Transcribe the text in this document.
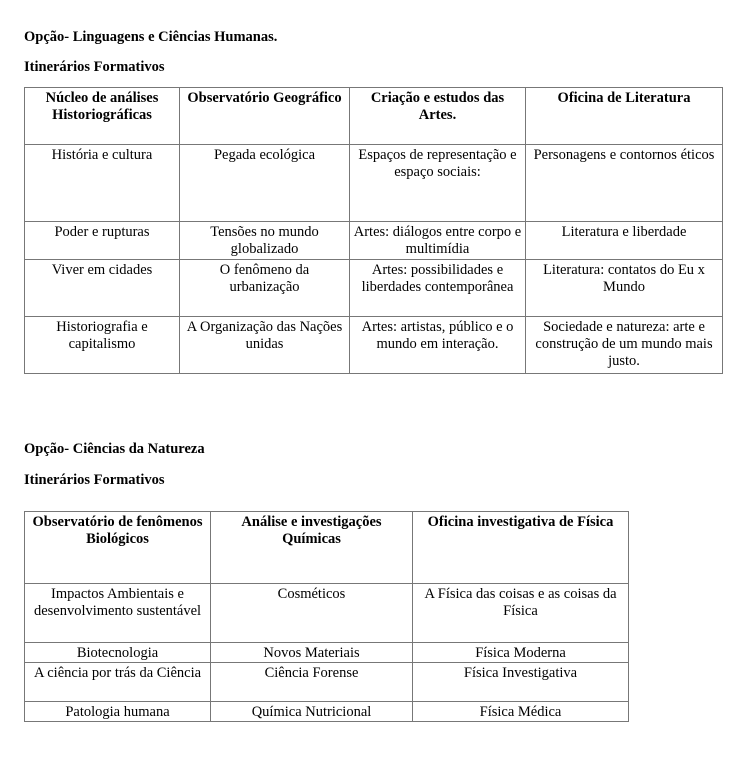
Opção- Linguagens e Ciências Humanas.

Itinerários Formativos

Núcleo de análises Historiográficas	Observatório Geográfico	Criação e estudos das Artes.	Oficina de Literatura
História e cultura	Pegada ecológica	Espaços de representação e espaço sociais:	Personagens e contornos éticos
Poder e rupturas	Tensões no mundo globalizado	Artes: diálogos entre corpo e multimídia	Literatura e liberdade
Viver em cidades	O fenômeno da urbanização	Artes: possibilidades e liberdades contemporânea	Literatura: contatos do Eu x Mundo
Historiografia e capitalismo	A Organização das Nações unidas	Artes: artistas, público e o mundo em interação.	Sociedade e natureza: arte e construção de um mundo mais justo.

Opção- Ciências da Natureza

Itinerários Formativos

Observatório de fenômenos Biológicos	Análise e investigações Químicas	Oficina investigativa de Física
Impactos Ambientais e desenvolvimento sustentável	Cosméticos	A Física das coisas e as coisas da Física
Biotecnologia	Novos Materiais	Física Moderna
A ciência por trás da Ciência	Ciência Forense	Física Investigativa
Patologia humana	Química Nutricional	Física Médica
